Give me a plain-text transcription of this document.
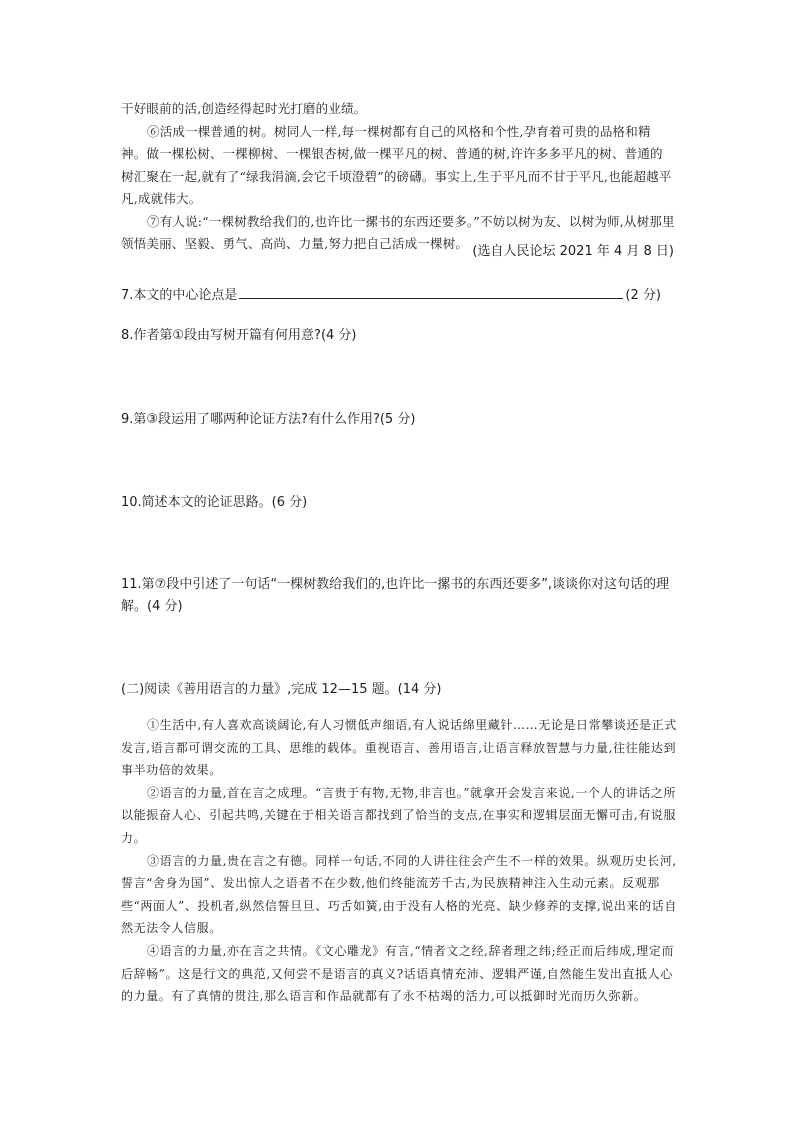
干好眼前的活,创造经得起时光打磨的业绩。

⑥活成一棵普通的树。树同人一样,每一棵树都有自己的风格和个性,孕育着可贵的品格和精神。做一棵松树、一棵柳树、一棵银杏树,做一棵平凡的树、普通的树,许许多多平凡的树、普通的树汇聚在一起,就有了“绿我涓滴,会它千顷澄碧”的磅礴。事实上,生于平凡而不甘于平凡,也能超越平凡,成就伟大。

⑦有人说:“一棵树教给我们的,也许比一摞书的东西还要多。”不妨以树为友、以树为师,从树那里领悟美丽、坚毅、勇气、高尚、力量,努力把自己活成一棵树。

(选自人民论坛 2021 年 4 月 8 日)
7.本文的中心论点是	(2 分)
8.作者第①段由写树开篇有何用意?(4 分)
9.第③段运用了哪两种论证方法?有什么作用?(5 分)
10.简述本文的论证思路。(6 分)
11.第⑦段中引述了一句话“一棵树教给我们的,也许比一摞书的东西还要多”,谈谈你对这句话的理解。(4 分)
(二)阅读《善用语言的力量》,完成 12—15 题。(14 分)

①生活中,有人喜欢高谈阔论,有人习惯低声细语,有人说话绵里藏针……无论是日常攀谈还是正式发言,语言都可谓交流的工具、思维的载体。重视语言、善用语言,让语言释放智慧与力量,往往能达到事半功倍的效果。

②语言的力量,首在言之成理。“言贵于有物,无物,非言也。”就拿开会发言来说,一个人的讲话之所以能振奋人心、引起共鸣,关键在于相关语言都找到了恰当的支点,在事实和逻辑层面无懈可击,有说服力。

③语言的力量,贵在言之有德。同样一句话,不同的人讲往往会产生不一样的效果。纵观历史长河,誓言“舍身为国”、发出惊人之语者不在少数,他们终能流芳千古,为民族精神注入生动元素。反观那些“两面人”、投机者,纵然信誓旦旦、巧舌如簧,由于没有人格的光亮、缺少修养的支撑,说出来的话自然无法令人信服。

④语言的力量,亦在言之共情。《文心雕龙》有言,“情者文之经,辞者理之纬;经正而后纬成,理定而后辞畅”。这是行文的典范,又何尝不是语言的真义?话语真情充沛、逻辑严谨,自然能生发出直抵人心的力量。有了真情的贯注,那么语言和作品就都有了永不枯竭的活力,可以抵御时光而历久弥新。
